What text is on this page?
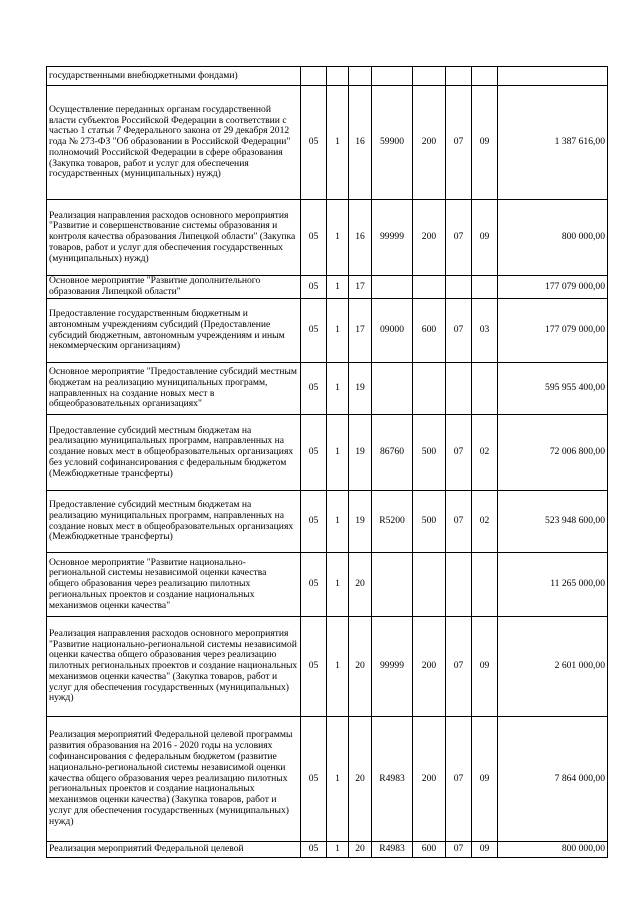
государственными внебюджетными фондами)								
Осуществление переданных органам государственной власти субъектов Российской Федерации в соответствии с частью 1 статьи 7 Федерального закона от 29 декабря 2012 года № 273-ФЗ "Об образовании в Российской Федерации" полномочий Российской Федерации в сфере образования (Закупка товаров, работ и услуг для обеспечения государственных (муниципальных) нужд)	05	1	16	59900	200	07	09	1 387 616,00
Реализация направления расходов основного мероприятия "Развитие и совершенствование системы образования и контроля качества образования Липецкой области" (Закупка товаров, работ и услуг для обеспечения государственных (муниципальных) нужд)	05	1	16	99999	200	07	09	800 000,00
Основное мероприятие "Развитие дополнительного образования Липецкой области"	05	1	17					177 079 000,00
Предоставление государственным бюджетным и автономным учреждениям субсидий (Предоставление субсидий бюджетным, автономным учреждениям и иным некоммерческим организациям)	05	1	17	09000	600	07	03	177 079 000,00
Основное мероприятие "Предоставление субсидий местным бюджетам на реализацию муниципальных программ, направленных на создание новых мест в общеобразовательных организациях"	05	1	19					595 955 400,00
Предоставление субсидий местным бюджетам на реализацию муниципальных программ, направленных на создание новых мест в общеобразовательных организациях без условий софинансирования с федеральным бюджетом (Межбюджетные трансферты)	05	1	19	86760	500	07	02	72 006 800,00
Предоставление субсидий местным бюджетам на реализацию муниципальных программ, направленных на создание новых мест в общеобразовательных организациях (Межбюджетные трансферты)	05	1	19	R5200	500	07	02	523 948 600,00
Основное мероприятие "Развитие национально-региональной системы независимой оценки качества общего образования через реализацию пилотных региональных проектов и создание национальных механизмов оценки качества"	05	1	20					11 265 000,00
Реализация направления расходов основного мероприятия "Развитие национально-региональной системы независимой оценки качества общего образования через реализацию пилотных региональных проектов и создание национальных механизмов оценки качества" (Закупка товаров, работ и услуг для обеспечения государственных (муниципальных) нужд)	05	1	20	99999	200	07	09	2 601 000,00
Реализация мероприятий Федеральной целевой программы развития образования на 2016 - 2020 годы на условиях софинансирования с федеральным бюджетом (развитие национально-региональной системы независимой оценки качества общего образования через реализацию пилотных региональных проектов и создание национальных механизмов оценки качества) (Закупка товаров, работ и услуг для обеспечения государственных (муниципальных) нужд)	05	1	20	R4983	200	07	09	7 864 000,00
Реализация мероприятий Федеральной целевой	05	1	20	R4983	600	07	09	800 000,00
